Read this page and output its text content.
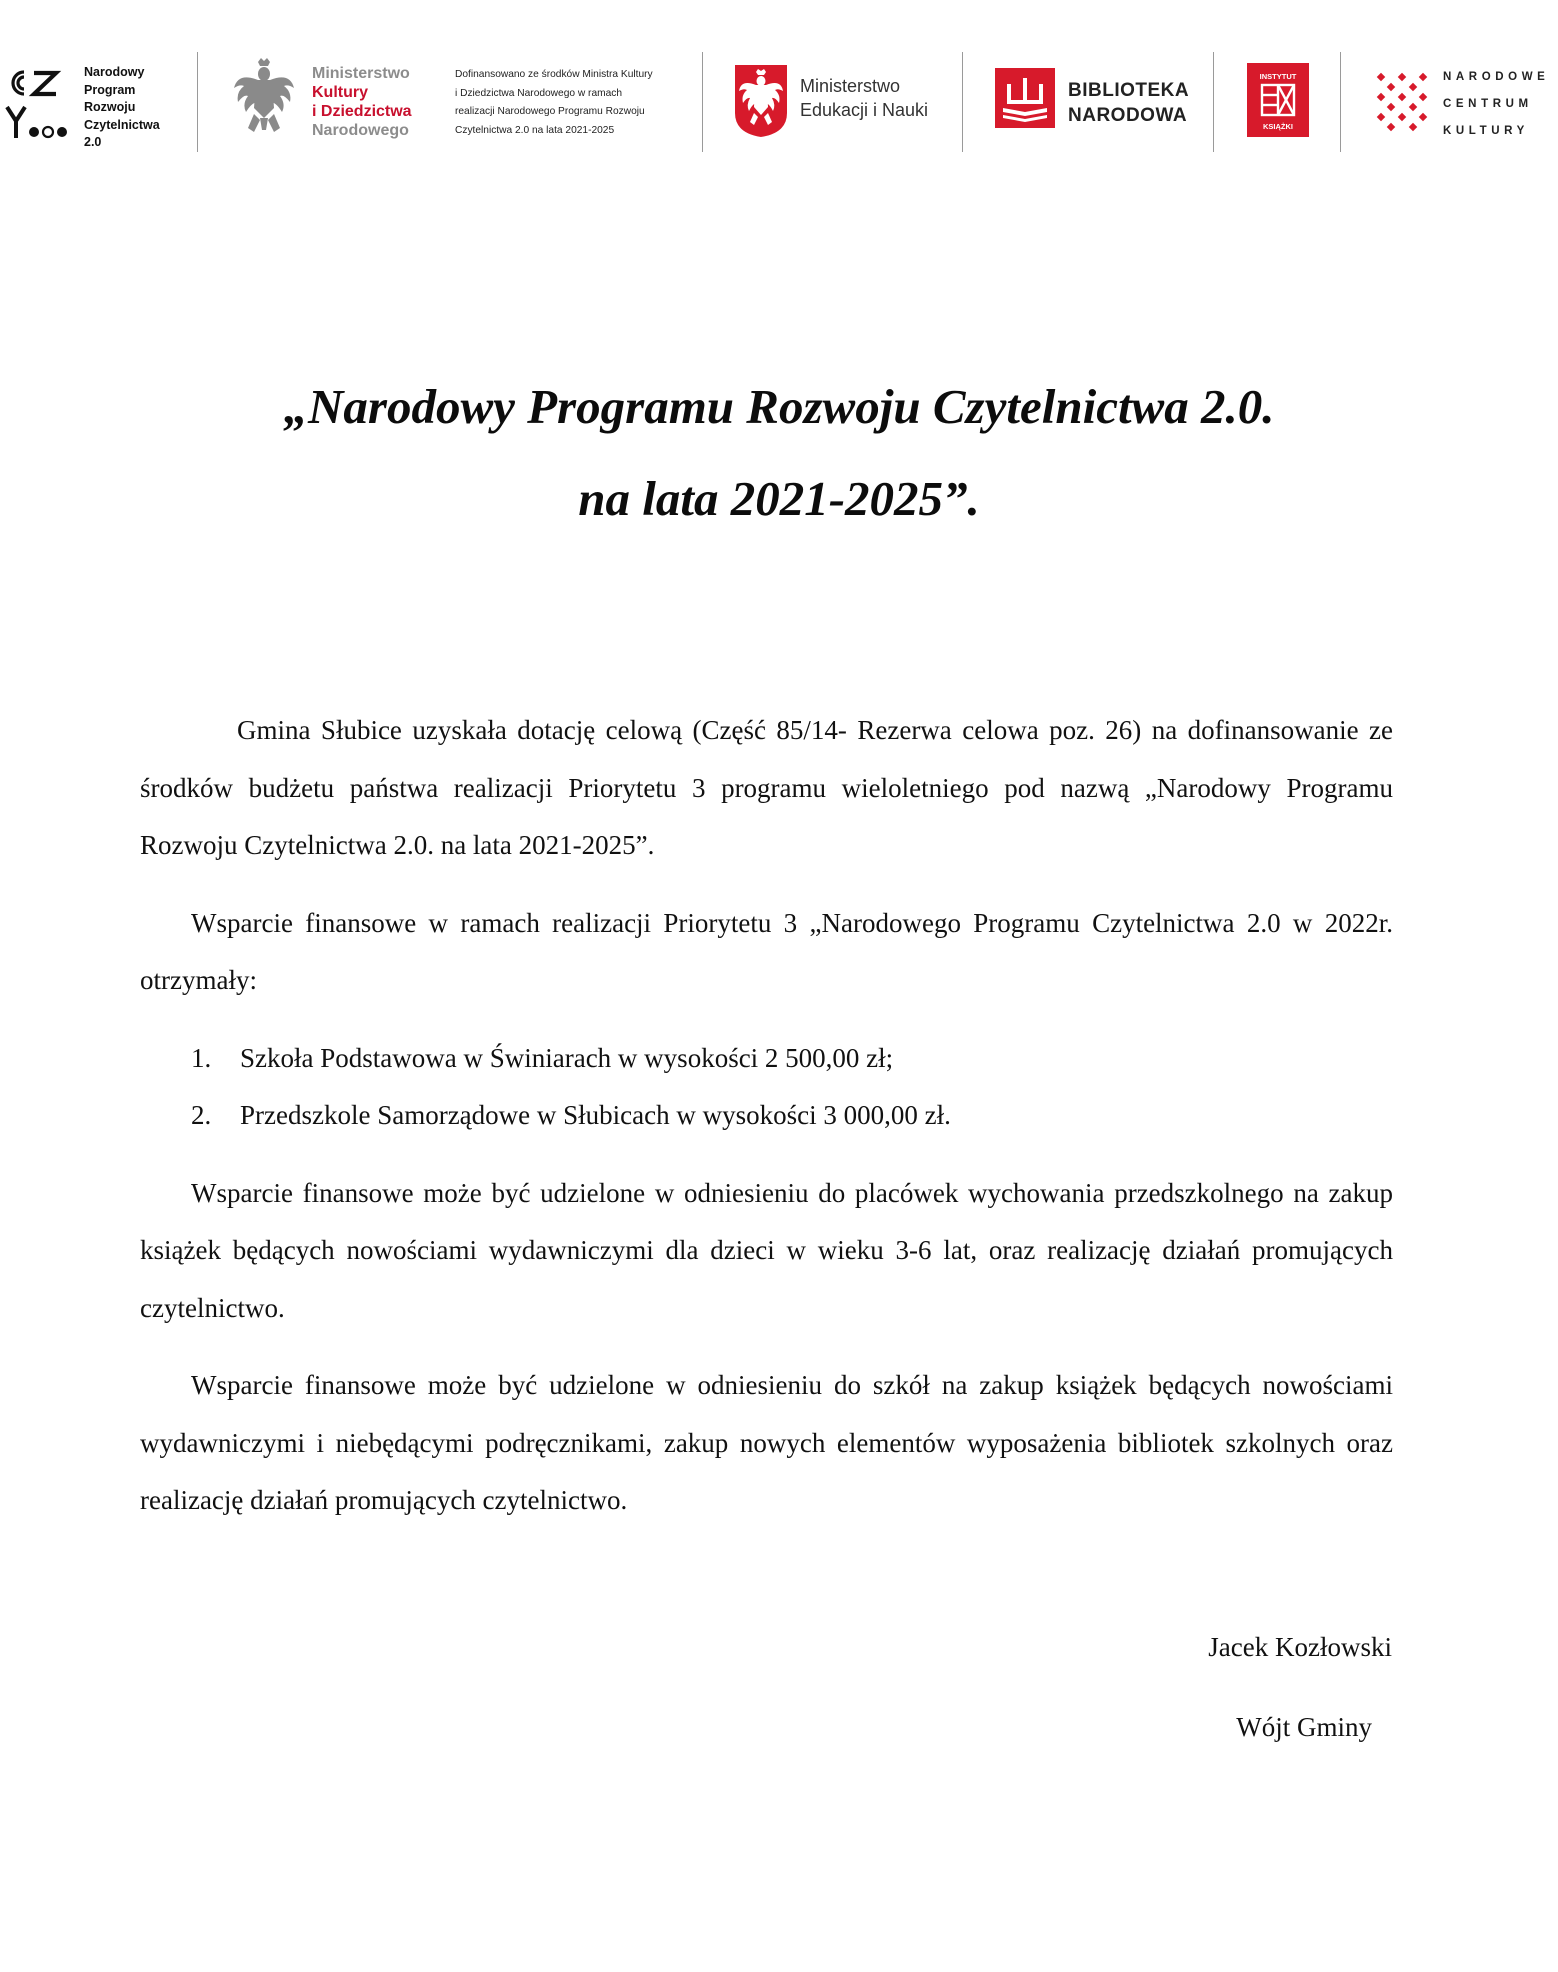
Narodowy
Program
Rozwoju
Czytelnictwa
2.0
Ministerstwo
Kultury
i Dziedzictwa
Narodowego
Dofinansowano ze środków Ministra Kultury
i Dziedzictwa Narodowego w ramach
realizacji Narodowego Programu Rozwoju
Czytelnictwa 2.0 na lata 2021-2025
Ministerstwo
Edukacji i Nauki
BIBLIOTEKA
NARODOWA
INSTYTUT
KSIĄŻKI
NARODOWE
CENTRUM
KULTURY
„Narodowy Programu Rozwoju Czytelnictwa 2.0.
na lata 2021-2025”.

Gmina Słubice uzyskała dotację celową (Część 85/14- Rezerwa celowa poz. 26) na dofinansowanie ze środków budżetu państwa realizacji Priorytetu 3 programu wieloletniego pod nazwą „Narodowy Programu Rozwoju Czytelnictwa 2.0. na lata 2021-2025”.

Wsparcie finansowe w ramach realizacji Priorytetu 3 „Narodowego Programu Czytelnictwa 2.0 w 2022r. otrzymały:

1. Szkoła Podstawowa w Świniarach w wysokości 2 500,00 zł;
2. Przedszkole Samorządowe w Słubicach w wysokości 3 000,00 zł.

Wsparcie finansowe może być udzielone w odniesieniu do placówek wychowania przedszkolnego na zakup książek będących nowościami wydawniczymi dla dzieci w wieku 3-6 lat, oraz realizację działań promujących czytelnictwo.

Wsparcie finansowe może być udzielone w odniesieniu do szkół na zakup książek będących nowościami wydawniczymi i niebędącymi podręcznikami, zakup nowych elementów wyposażenia bibliotek szkolnych oraz realizację działań promujących czytelnictwo.

Jacek Kozłowski
Wójt Gminy
